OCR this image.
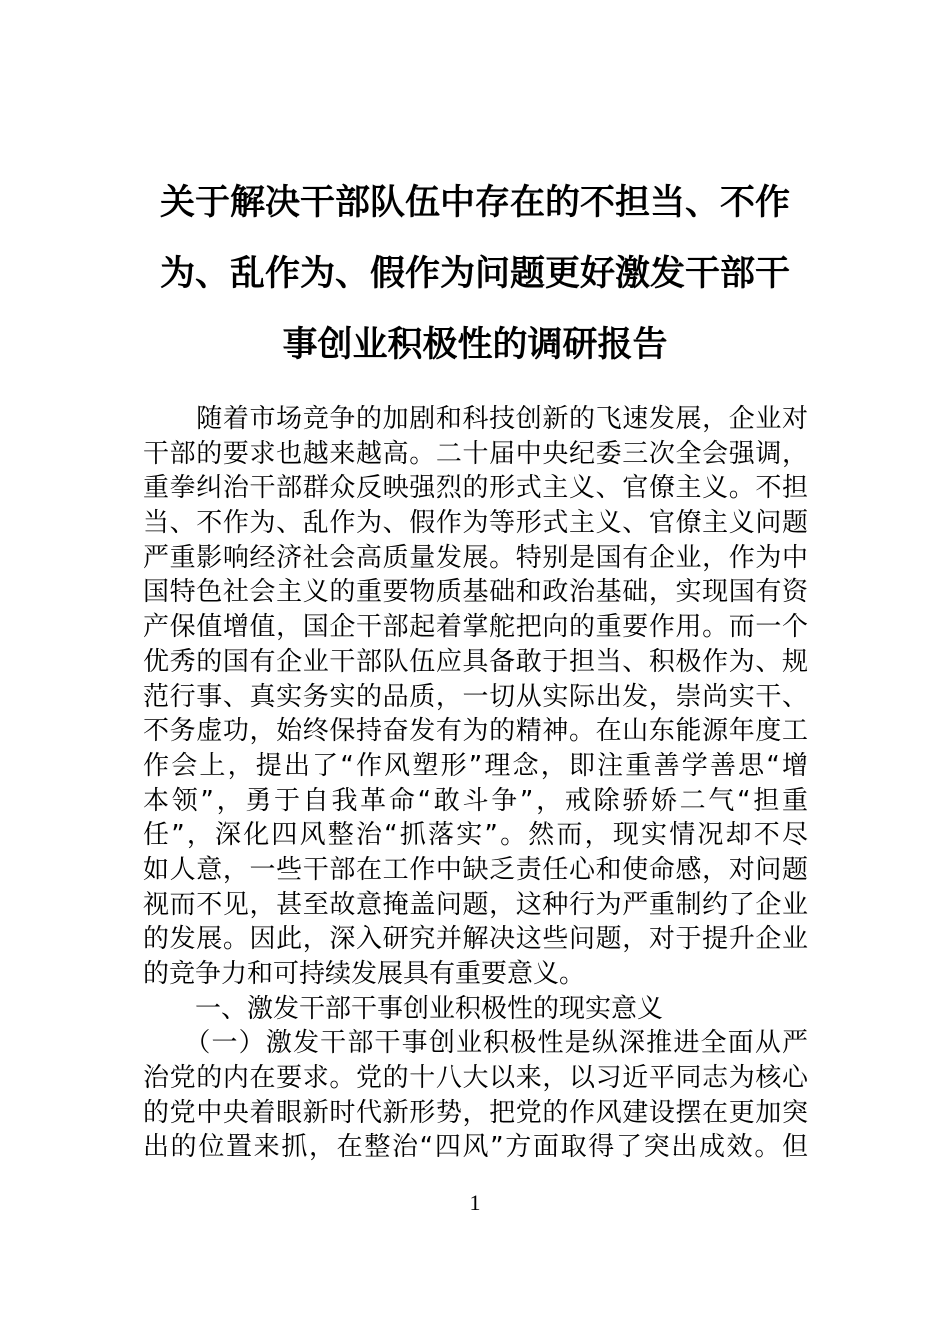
关于解决干部队伍中存在的不担当、不作
为、乱作为、假作为问题更好激发干部干
事创业积极性的调研报告
　　随着市场竞争的加剧和科技创新的飞速发展，企业对
干部的要求也越来越高。二十届中央纪委三次全会强调，
重拳纠治干部群众反映强烈的形式主义、官僚主义。不担
当、不作为、乱作为、假作为等形式主义、官僚主义问题
严重影响经济社会高质量发展。特别是国有企业，作为中
国特色社会主义的重要物质基础和政治基础，实现国有资
产保值增值，国企干部起着掌舵把向的重要作用。而一个
优秀的国有企业干部队伍应具备敢于担当、积极作为、规
范行事、真实务实的品质，一切从实际出发，崇尚实干、
不务虚功，始终保持奋发有为的精神。在山东能源年度工
作会上，提出了“作风塑形”理念，即注重善学善思“增
本领”，勇于自我革命“敢斗争”，戒除骄娇二气“担重
任”，深化四风整治“抓落实”。然而，现实情况却不尽
如人意，一些干部在工作中缺乏责任心和使命感，对问题
视而不见，甚至故意掩盖问题，这种行为严重制约了企业
的发展。因此，深入研究并解决这些问题，对于提升企业
的竞争力和可持续发展具有重要意义。
　　一、激发干部干事创业积极性的现实意义
　　（一）激发干部干事创业积极性是纵深推进全面从严
治党的内在要求。党的十八大以来，以习近平同志为核心
的党中央着眼新时代新形势，把党的作风建设摆在更加突
出的位置来抓，在整治“四风”方面取得了突出成效。但
1
